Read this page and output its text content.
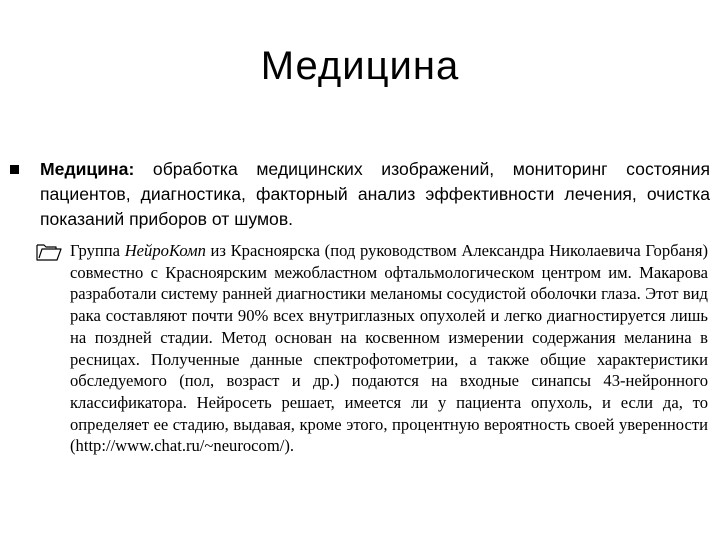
Медицина
Медицина: обработка медицинских изображений, мониторинг состояния пациентов, диагностика, факторный анализ эффективности лечения, очистка показаний приборов от шумов.
Группа НейроКомп из Красноярска (под руководством Александра Николаевича Горбаня) совместно с Красноярским межобластном офтальмологическом центром им. Макарова разработали систему ранней диагностики меланомы сосудистой оболочки глаза. Этот вид рака составляют почти 90% всех внутриглазных опухолей и легко диагностируется лишь на поздней стадии. Метод основан на косвенном измерении содержания меланина в ресницах. Полученные данные спектрофотометрии, а также общие характеристики обследуемого (пол, возраст и др.) подаются на входные синапсы 43-нейронного классификатора. Нейросеть решает, имеется ли у пациента опухоль, и если да, то определяет ее стадию, выдавая, кроме этого, процентную вероятность своей уверенности (http://www.chat.ru/~neurocom/).
